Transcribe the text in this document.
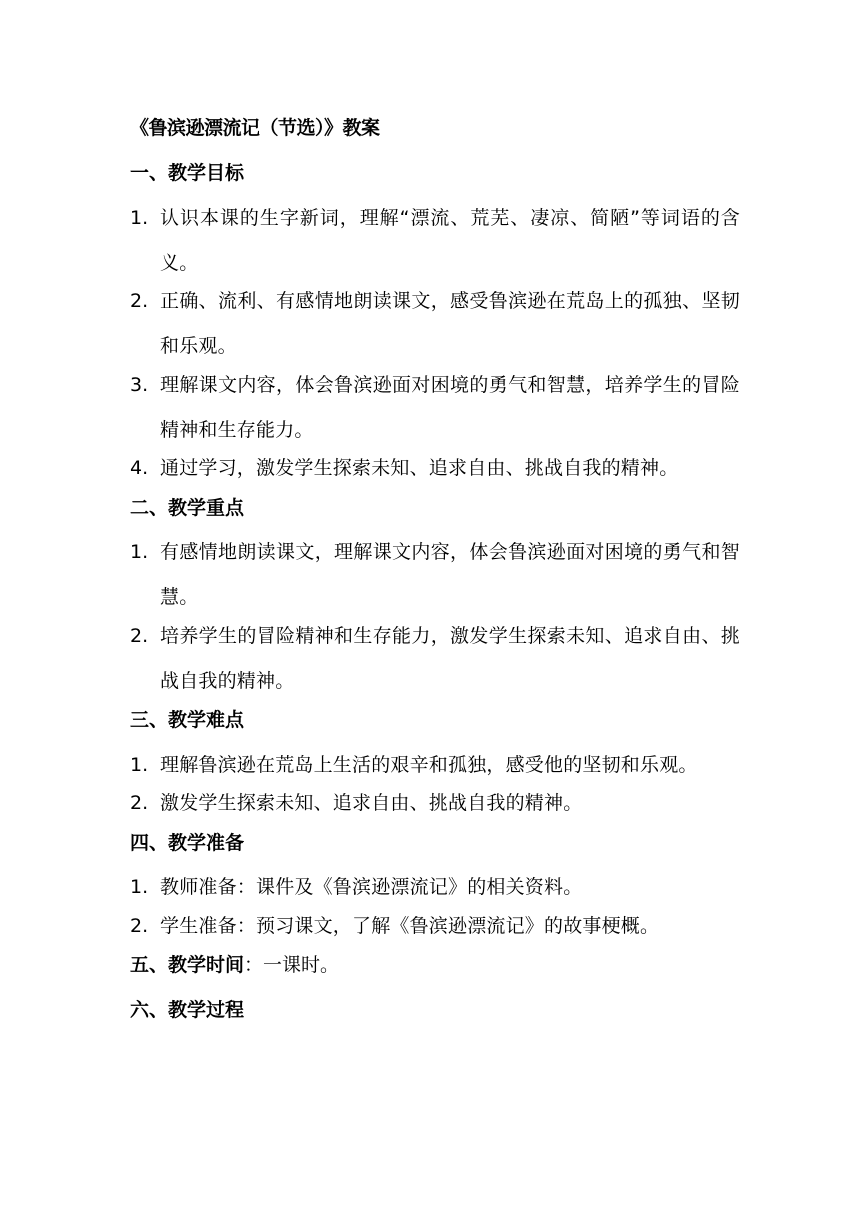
《鲁滨逊漂流记（节选）》教案
一、教学目标
1. 认识本课的生字新词，理解“漂流、荒芜、凄凉、简陋”等词语的含义。
2. 正确、流利、有感情地朗读课文，感受鲁滨逊在荒岛上的孤独、坚韧和乐观。
3. 理解课文内容，体会鲁滨逊面对困境的勇气和智慧，培养学生的冒险精神和生存能力。
4. 通过学习，激发学生探索未知、追求自由、挑战自我的精神。
二、教学重点
1. 有感情地朗读课文，理解课文内容，体会鲁滨逊面对困境的勇气和智慧。
2. 培养学生的冒险精神和生存能力，激发学生探索未知、追求自由、挑战自我的精神。
三、教学难点
1. 理解鲁滨逊在荒岛上生活的艰辛和孤独，感受他的坚韧和乐观。
2. 激发学生探索未知、追求自由、挑战自我的精神。
四、教学准备
1. 教师准备：课件及《鲁滨逊漂流记》的相关资料。
2. 学生准备：预习课文，了解《鲁滨逊漂流记》的故事梗概。
五、教学时间：一课时。
六、教学过程
